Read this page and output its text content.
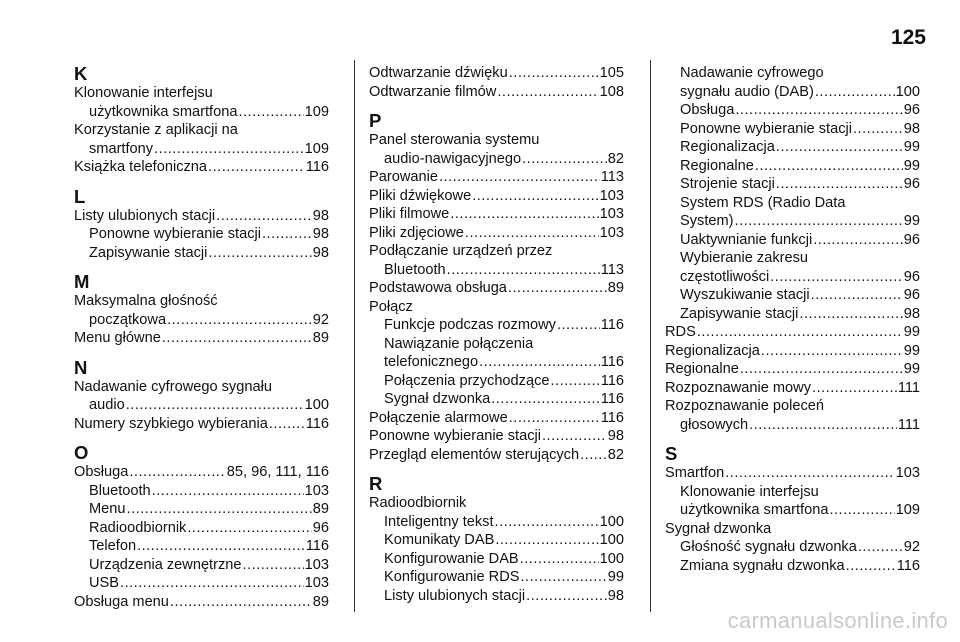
125
K
Klonowanie interfejsu
użytkownika smartfona .....	109
Korzystanie z aplikacji na
smartfony .....	109
Książka telefoniczna .....	116
L
Listy ulubionych stacji .....	98
Ponowne wybieranie stacji .....	98
Zapisywanie stacji .....	98
M
Maksymalna głośność
początkowa .....	92
Menu główne .....	89
N
Nadawanie cyfrowego sygnału
audio .....	100
Numery szybkiego wybierania .....	116
O
Obsługa .....	85, 96, 111, 116
Bluetooth .....	103
Menu .....	89
Radioodbiornik .....	96
Telefon .....	116
Urządzenia zewnętrzne .....	103
USB .....	103
Obsługa menu .....	89
Odtwarzanie dźwięku .....	105
Odtwarzanie filmów .....	108
P
Panel sterowania systemu
audio-nawigacyjnego .....	82
Parowanie .....	113
Pliki dźwiękowe .....	103
Pliki filmowe .....	103
Pliki zdjęciowe .....	103
Podłączanie urządzeń przez
Bluetooth .....	113
Podstawowa obsługa .....	89
Połącz
Funkcje podczas rozmowy .....	116
Nawiązanie połączenia
telefonicznego .....	116
Połączenia przychodzące .....	116
Sygnał dzwonka .....	116
Połączenie alarmowe .....	116
Ponowne wybieranie stacji .....	98
Przegląd elementów sterujących ..... 82
R
Radioodbiornik
Inteligentny tekst .....	100
Komunikaty DAB .....	100
Konfigurowanie DAB .....	100
Konfigurowanie RDS .....	99
Listy ulubionych stacji .....	98
Nadawanie cyfrowego
sygnału audio (DAB) .....	100
Obsługa .....	96
Ponowne wybieranie stacji .....	98
Regionalizacja .....	99
Regionalne .....	99
Strojenie stacji .....	96
System RDS (Radio Data
System) .....	99
Uaktywnianie funkcji .....	96
Wybieranie zakresu
częstotliwości .....	96
Wyszukiwanie stacji .....	96
Zapisywanie stacji .....	98
RDS .....	99
Regionalizacja .....	99
Regionalne .....	99
Rozpoznawanie mowy .....	111
Rozpoznawanie poleceń
głosowych .....	111
S
Smartfon .....	103
Klonowanie interfejsu
użytkownika smartfona .....	109
Sygnał dzwonka
Głośność sygnału dzwonka .....	92
Zmiana sygnału dzwonka .....	116
carmanualsonline.info
